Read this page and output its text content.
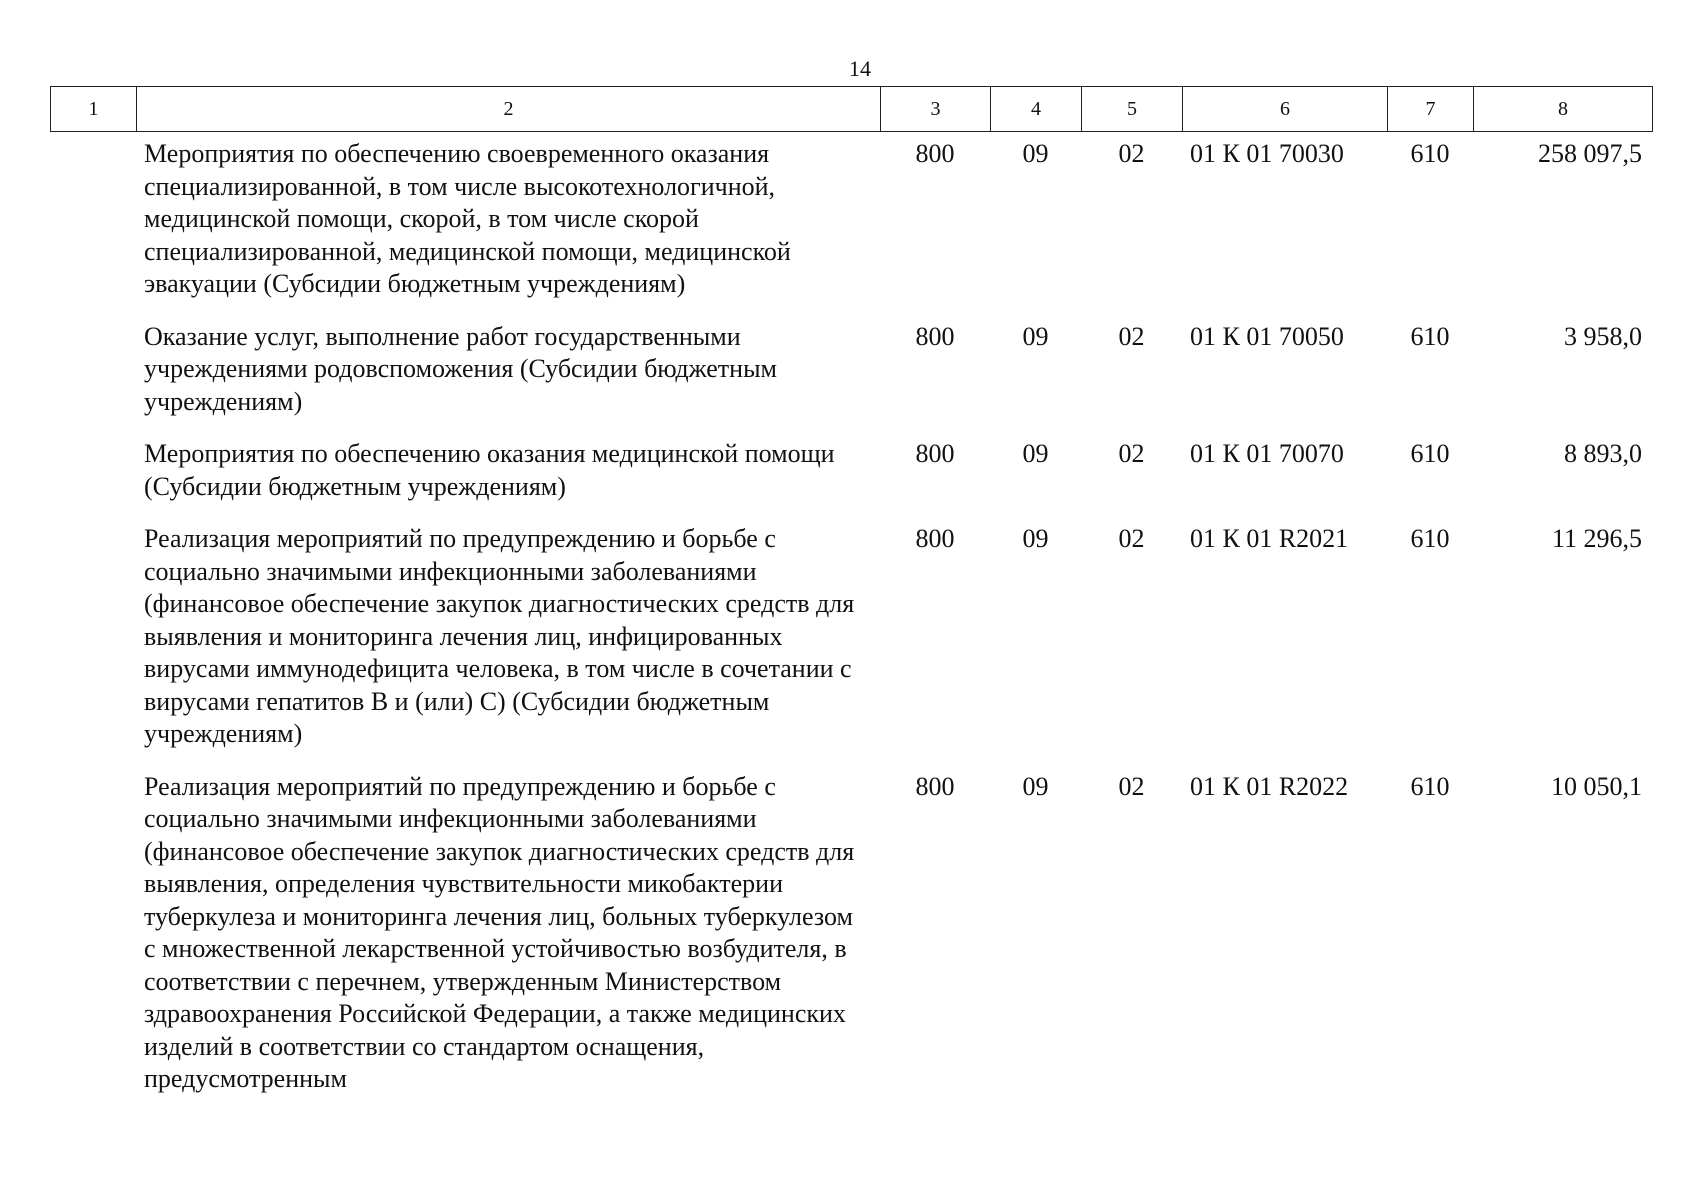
14
1	2	3	4	5	6	7	8
	Мероприятия по обеспечению своевременного оказания специализированной, в том числе высокотехнологичной, медицинской помощи, скорой, в том числе скорой специализированной, медицинской помощи, медицинской эвакуации (Субсидии бюджетным учреждениям)	800	09	02	01 К 01 70030	610	258 097,5
	Оказание услуг, выполнение работ государственными учреждениями родовспоможения (Субсидии бюджетным учреждениям)	800	09	02	01 К 01 70050	610	3 958,0
	Мероприятия по обеспечению оказания медицинской помощи (Субсидии бюджетным учреждениям)	800	09	02	01 К 01 70070	610	8 893,0
	Реализация мероприятий по предупреждению и борьбе с социально значимыми инфекционными заболеваниями (финансовое обеспечение закупок диагностических средств для выявления и мониторинга лечения лиц, инфицированных вирусами иммунодефицита человека, в том числе в сочетании с вирусами гепатитов B и (или) C) (Субсидии бюджетным учреждениям)	800	09	02	01 К 01 R2021	610	11 296,5
	Реализация мероприятий по предупреждению и борьбе с социально значимыми инфекционными заболеваниями (финансовое обеспечение закупок диагностических средств для выявления, определения чувствительности микобактерии туберкулеза и мониторинга лечения лиц, больных туберкулезом с множественной лекарственной устойчивостью возбудителя, в соответствии с перечнем, утвержденным Министерством здравоохранения Российской Федерации, а также медицинских изделий в соответствии со стандартом оснащения, предусмотренным	800	09	02	01 К 01 R2022	610	10 050,1
